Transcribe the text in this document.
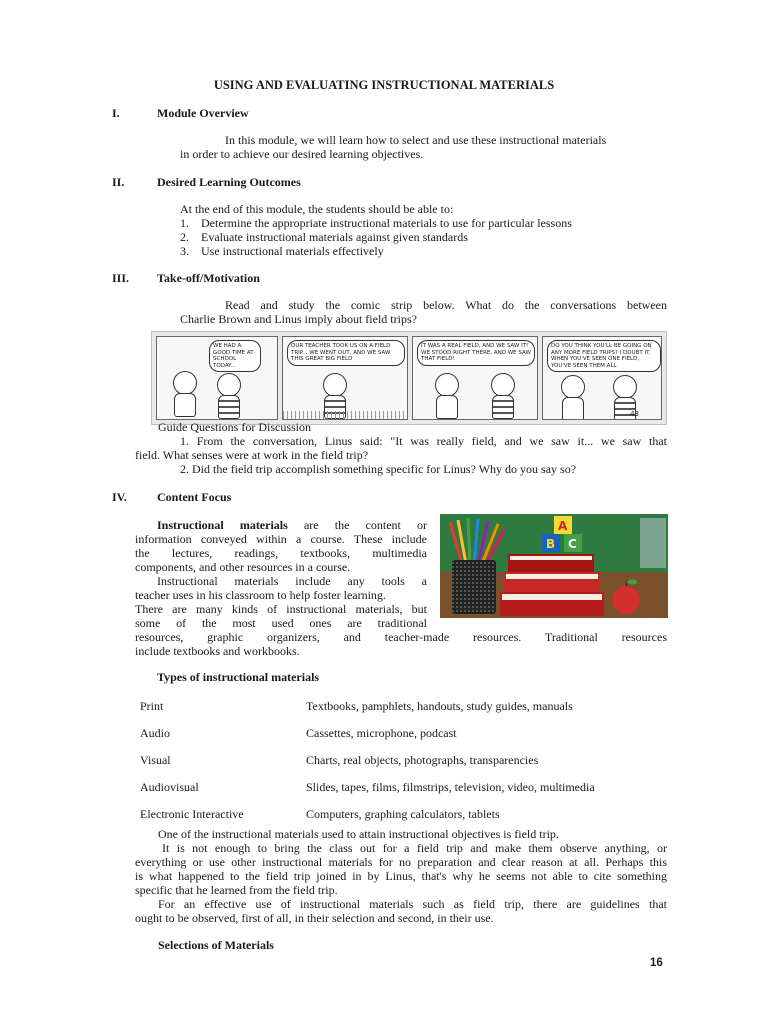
USING AND EVALUATING INSTRUCTIONAL MATERIALS
I.	Module Overview
In this module, we will learn how to select and use these instructional materials
in order to achieve our desired learning objectives.
II.	Desired Learning Outcomes
At the end of this module, the students should be able to:
1. Determine the appropriate instructional materials to use for particular lessons
2. Evaluate instructional materials against given standards
3. Use instructional materials effectively
III. Take-off/Motivation
Read and study the comic strip below. What do the conversations between
Charlie Brown and Linus imply about field trips?
WE HAD A GOOD TIME AT SCHOOL TODAY...
OUR TEACHER TOOK US ON A FIELD TRIP... WE WENT OUT, AND WE SAW THIS GREAT BIG FIELD
IT WAS A REAL FIELD, AND WE SAW IT! WE STOOD RIGHT THERE, AND WE SAW THAT FIELD!
DO YOU THINK YOU'LL BE GOING ON ANY MORE FIELD TRIPS? I DOUBT IT. WHEN YOU'VE SEEN ONE FIELD, YOU'VE SEEN THEM ALL
43
Guide Questions for Discussion
1. From the conversation, Linus said: "It was really field, and we saw it... we saw that
field. What senses were at work in the field trip?
2. Did the field trip accomplish something specific for Linus? Why do you say so?
IV.	Content Focus
Instructional materials are the content or
information conveyed within a course. These include
the lectures, readings, textbooks, multimedia
components, and other resources in a course.
Instructional materials include any tools a
teacher uses in his classroom to help foster learning.
There are many kinds of instructional materials, but
some of the most used ones are traditional
resources, graphic organizers, and teacher-made resources. Traditional resources
include textbooks and workbooks.
A
B C
Types of instructional materials
Print	Textbooks, pamphlets, handouts, study guides, manuals
Audio	Cassettes, microphone, podcast
Visual	Charts, real objects, photographs, transparencies
Audiovisual	Slides, tapes, films, filmstrips, television, video, multimedia
Electronic Interactive	Computers, graphing calculators, tablets
One of the instructional materials used to attain instructional objectives is field trip.
It is not enough to bring the class out for a field trip and make them observe anything, or
everything or use other instructional materials for no preparation and clear reason at all. Perhaps this
is what happened to the field trip joined in by Linus, that's why he seems not able to cite something
specific that he learned from the field trip.
For an effective use of instructional materials such as field trip, there are guidelines that
ought to be observed, first of all, in their selection and second, in their use.
Selections of Materials
16
